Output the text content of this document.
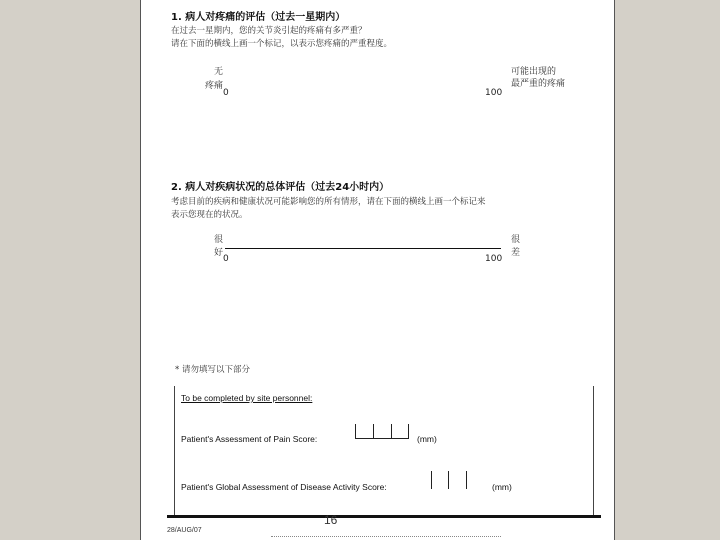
1. 病人对疼痛的评估（过去一星期内）
在过去一星期内，您的关节炎引起的疼痛有多严重？
请在下面的横线上画一个标记，以表示您疼痛的严重程度。
无
疼痛
0	100
可能出现的
最严重的疼痛
2. 病人对疾病状况的总体评估（过去24小时内）
考虑目前的疾病和健康状况可能影响您的所有情形，请在下面的横线上画一个标记来
表示您现在的状况。
很
好
0	100
很
差
* 请勿填写以下部分
To be completed by site personnel:
Patient's Assessment of Pain Score:	(mm)
Patient's Global Assessment of Disease Activity Score:	(mm)
16
28/AUG/07
